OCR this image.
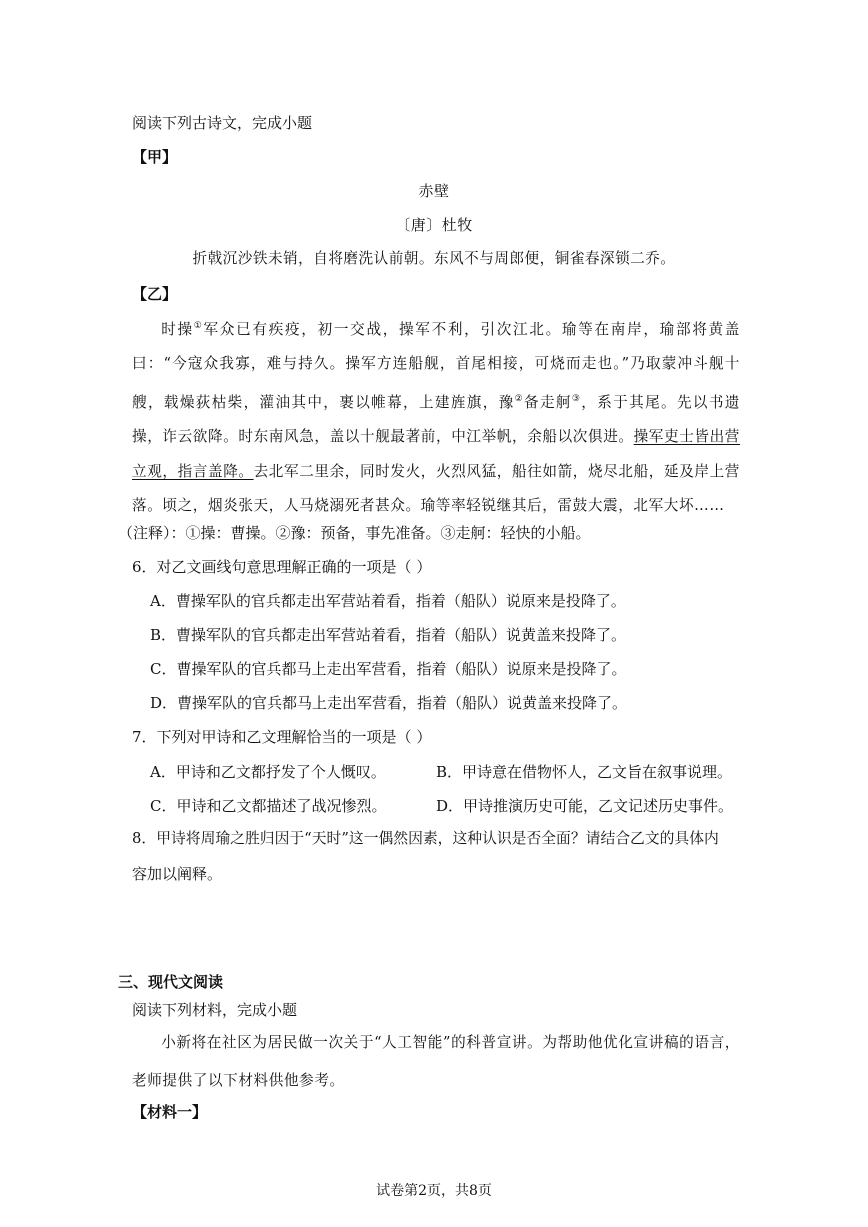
阅读下列古诗文，完成小题
【甲】
赤壁
〔唐〕杜牧
折戟沉沙铁未销，自将磨洗认前朝。东风不与周郎便，铜雀春深锁二乔。
【乙】
时操①军众已有疾疫，初一交战，操军不利，引次江北。瑜等在南岸，瑜部将黄盖曰：“今寇众我寡，难与持久。操军方连船舰，首尾相接，可烧而走也。”乃取蒙冲斗舰十艘，载燥荻枯柴，灌油其中，裹以帷幕，上建旌旗，豫②备走舸③，系于其尾。先以书遗操，诈云欲降。时东南风急，盖以十舰最著前，中江举帆，余船以次俱进。操军吏士皆出营立观，指言盖降。去北军二里余，同时发火，火烈风猛，船往如箭，烧尽北船，延及岸上营落。顷之，烟炎张天，人马烧溺死者甚众。瑜等率轻锐继其后，雷鼓大震，北军大坏……
（注释）：①操：曹操。②豫：预备，事先准备。③走舸：轻快的小船。
6．对乙文画线句意思理解正确的一项是（ ）
A．曹操军队的官兵都走出军营站着看，指着（船队）说原来是投降了。
B．曹操军队的官兵都走出军营站着看，指着（船队）说黄盖来投降了。
C．曹操军队的官兵都马上走出军营看，指着（船队）说原来是投降了。
D．曹操军队的官兵都马上走出军营看，指着（船队）说黄盖来投降了。
7．下列对甲诗和乙文理解恰当的一项是（ ）
A．甲诗和乙文都抒发了个人慨叹。	B．甲诗意在借物怀人，乙文旨在叙事说理。
C．甲诗和乙文都描述了战况惨烈。	D．甲诗推演历史可能，乙文记述历史事件。
8．甲诗将周瑜之胜归因于“天时”这一偶然因素，这种认识是否全面？请结合乙文的具体内
容加以阐释。
三、现代文阅读
阅读下列材料，完成小题
小新将在社区为居民做一次关于“人工智能”的科普宣讲。为帮助他优化宣讲稿的语言，老师提供了以下材料供他参考。
【材料一】
试卷第2页，共8页
